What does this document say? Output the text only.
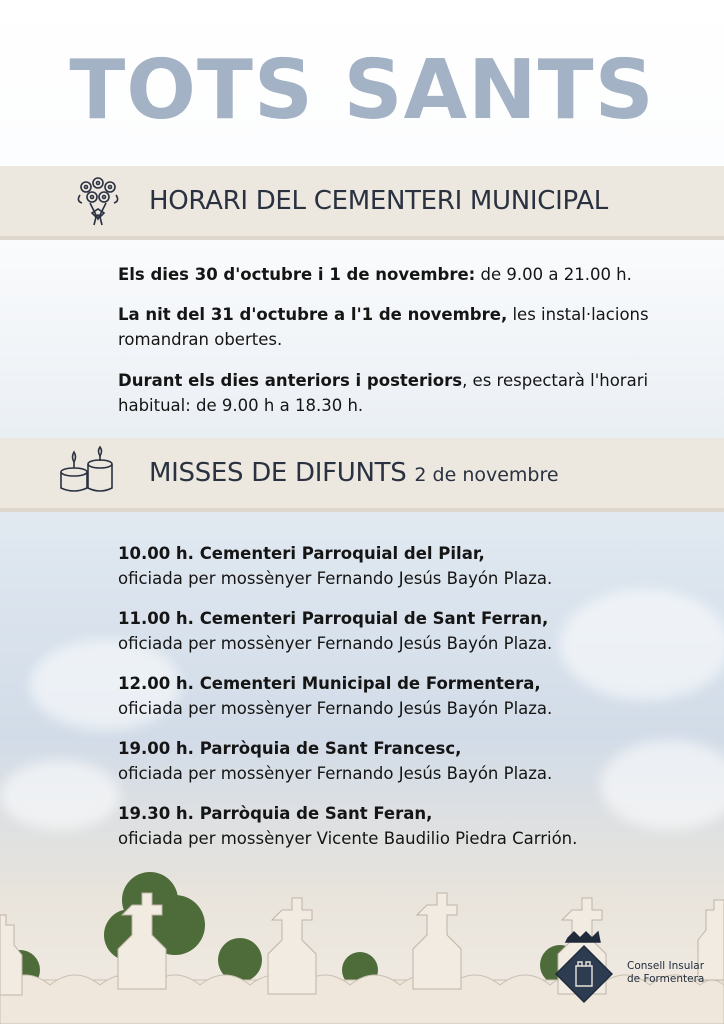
TOTS SANTS
HORARI DEL CEMENTERI MUNICIPAL
Els dies 30 d'octubre i 1 de novembre: de 9.00 a 21.00 h.
La nit del 31 d'octubre a l'1 de novembre, les instal·lacions romandran obertes.
Durant els dies anteriors i posteriors, es respectarà l'horari habitual: de 9.00 h a 18.30 h.
MISSES DE DIFUNTS 2 de novembre
10.00 h. Cementeri Parroquial del Pilar,
oficiada per mossènyer Fernando Jesús Bayón Plaza.
11.00 h. Cementeri Parroquial de Sant Ferran,
oficiada per mossènyer Fernando Jesús Bayón Plaza.
12.00 h. Cementeri Municipal de Formentera,
oficiada per mossènyer Fernando Jesús Bayón Plaza.
19.00 h. Parròquia de Sant Francesc,
oficiada per mossènyer Fernando Jesús Bayón Plaza.
19.30 h. Parròquia de Sant Feran,
oficiada per mossènyer Vicente Baudilio Piedra Carrión.
Consell Insular
de Formentera
